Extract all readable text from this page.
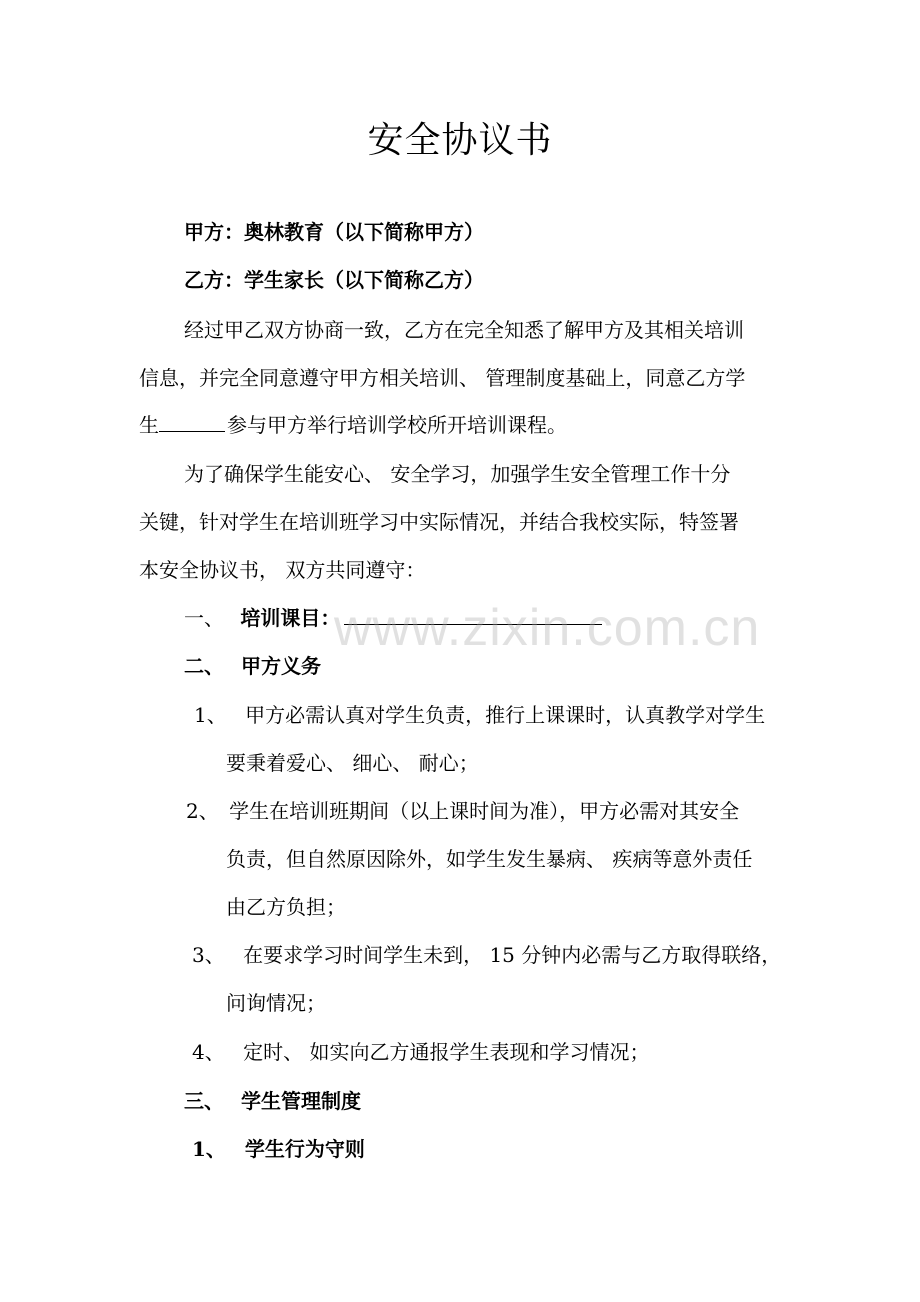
安全协议书
甲方：奥林教育（以下简称甲方）
乙方：学生家长（以下简称乙方）
经过甲乙双方协商一致，乙方在完全知悉了解甲方及其相关培训
信息，并完全同意遵守甲方相关培训、 管理制度基础上，同意乙方学
生	参与甲方举行培训学校所开培训课程。
为了确保学生能安心、 安全学习，加强学生安全管理工作十分
关键，针对学生在培训班学习中实际情况，并结合我校实际，特签署
本安全协议书， 双方共同遵守：
一、 培训课目：
二、 甲方义务
1、 甲方必需认真对学生负责，推行上课课时，认真教学对学生
要秉着爱心、 细心、 耐心；
2、 学生在培训班期间（以上课时间为准），甲方必需对其安全
负责，但自然原因除外，如学生发生暴病、 疾病等意外责任
由乙方负担；
3、 在要求学习时间学生未到， 15 分钟内必需与乙方取得联络，
问询情况；
4、 定时、 如实向乙方通报学生表现和学习情况；
三、 学生管理制度
1、 学生行为守则
www.zixin.com.cn
